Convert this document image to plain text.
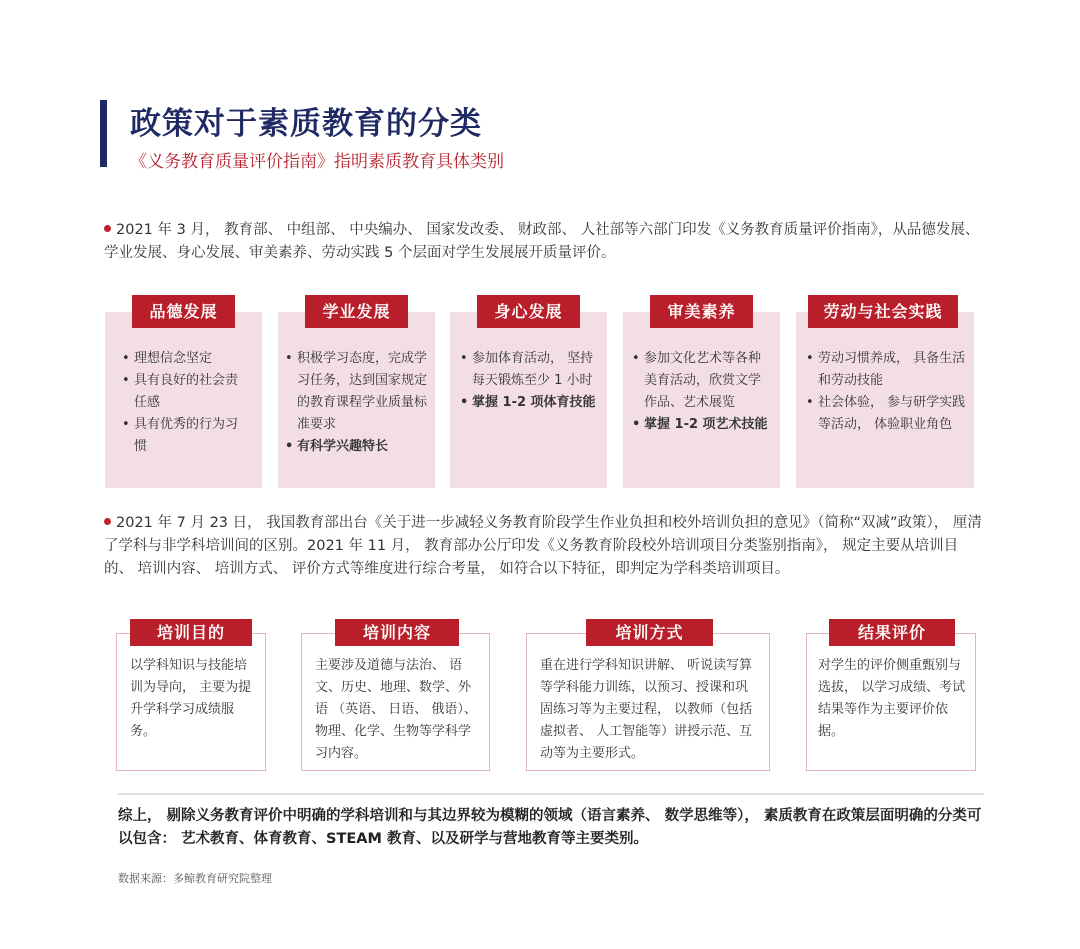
政策对于素质教育的分类
《义务教育质量评价指南》指明素质教育具体类别
2021 年 3 月， 教育部、 中组部、 中央编办、 国家发改委、 财政部、 人社部等六部门印发《义务教育质量评价指南》，从品德发展、学业发展、身心发展、审美素养、劳动实践 5 个层面对学生发展展开质量评价。
品德发展	学业发展	身心发展	审美素养	劳动与社会实践
• 理想信念坚定
• 具有良好的社会责任感
• 具有优秀的行为习惯
• 积极学习态度，完成学习任务，达到国家规定的教育课程学业质量标准要求
• 有科学兴趣特长
• 参加体育活动， 坚持每天锻炼至少 1 小时
• 掌握 1-2 项体育技能
• 参加文化艺术等各种美育活动，欣赏文学作品、艺术展览
• 掌握 1-2 项艺术技能
• 劳动习惯养成， 具备生活和劳动技能
• 社会体验， 参与研学实践等活动， 体验职业角色
2021 年 7 月 23 日， 我国教育部出台《关于进一步减轻义务教育阶段学生作业负担和校外培训负担的意见》（简称“双减”政策）， 厘清了学科与非学科培训间的区别。2021 年 11 月， 教育部办公厅印发《义务教育阶段校外培训项目分类鉴别指南》， 规定主要从培训目的、 培训内容、 培训方式、 评价方式等维度进行综合考量， 如符合以下特征，即判定为学科类培训项目。
培训目的	培训内容	培训方式	结果评价
以学科知识与技能培训为导向， 主要为提升学科学习成绩服务。
主要涉及道德与法治、 语文、历史、地理、数学、外语 （英语、 日语、 俄语）、物理、化学、生物等学科学习内容。
重在进行学科知识讲解、 听说读写算等学科能力训练，以预习、授课和巩固练习等为主要过程， 以教师（包括虚拟者、 人工智能等）讲授示范、互动等为主要形式。
对学生的评价侧重甄别与选拔， 以学习成绩、考试结果等作为主要评价依据。
综上， 剔除义务教育评价中明确的学科培训和与其边界较为模糊的领域（语言素养、 数学思维等）， 素质教育在政策层面明确的分类可以包含： 艺术教育、体育教育、STEAM 教育、以及研学与营地教育等主要类别。
数据来源：多鲸教育研究院整理
